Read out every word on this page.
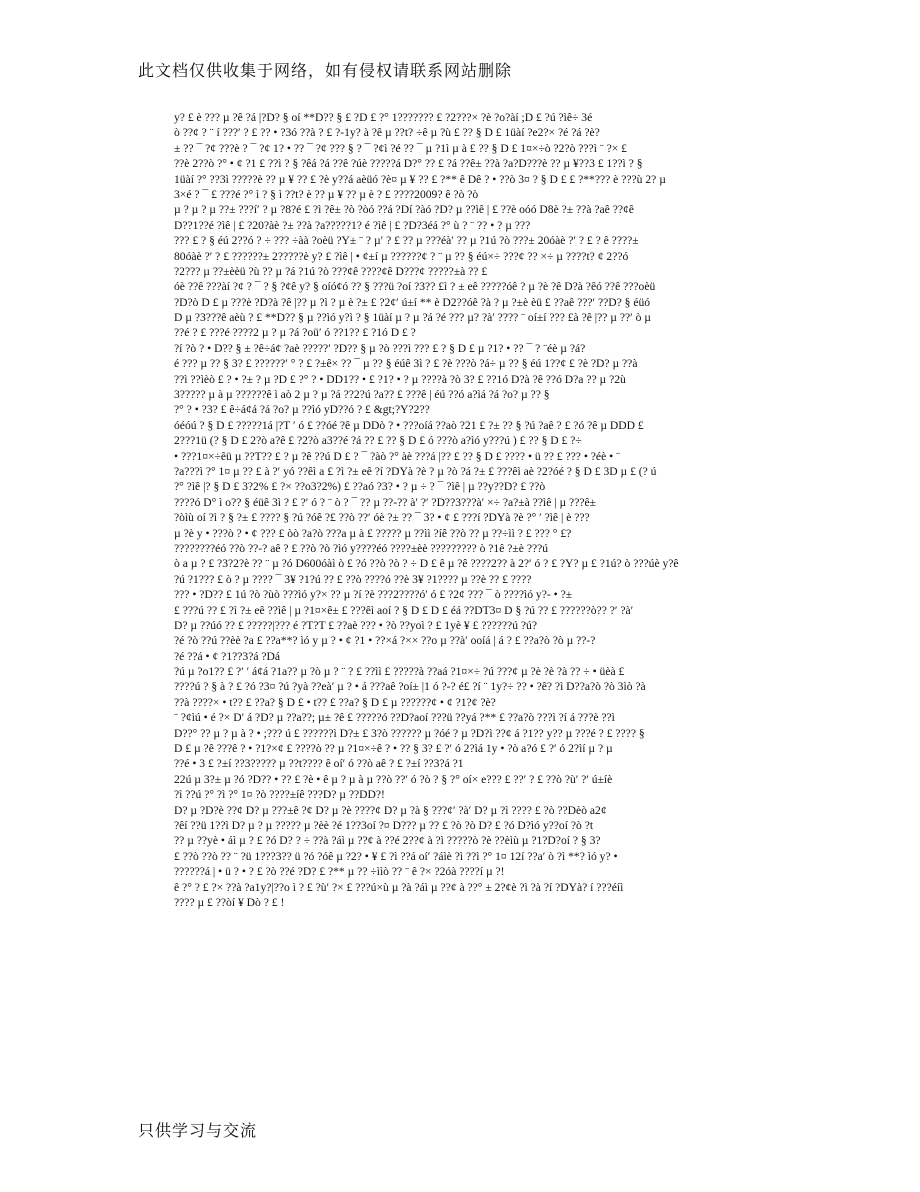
此文档仅供收集于网络，如有侵权请联系网站删除
y? £ è ??? µ ?ê ?á |?D? § oí **D?? § £ ?D £ ?° 1??????? £ ?2???× ?è ?o?àí ;D £ ?ú ?ìê÷ 3é
ò ??¢ ? ¨ í ???′ ? £ ?? • ?3ó ??à ? £ ?-1y? à ?ê µ ??t? ÷ê µ ?ù £ ?? § D £ 1üàí ?e2?× ?é ?á ?è?
± ?? ¯ ?¢ ???è ? ¯ ?¢ 1? • ?? ¯ ?¢ ??? § ? ¯ ?¢ì ?é ?? ¯ µ ?1ì µ à £ ?? § D £ 1¤×÷ò ?2?ò ???ì ¨ ?× £
??è 2??ò ?° • ¢ ?1 £ ??ì ? § ?êá ?á ??ê ?úè ?????á D?° ?? £ ?á ??ê± ??à ?a?D???è ?? µ ¥??3 £ 1??ì ? §
1üàí ?° ??3ì ?????è ?? µ ¥ ?? £ ?è y??á aèüó ?è¤ µ ¥ ?? £ ?** ê Dê ? • ??ò 3¤ ? § D £ £ ?**??? è ???ù 2? µ
3×é ? ¯ £ ???é ?° ì ? § ì ??t? è ?? µ ¥ ?? µ è ? £ ????2009? ê ?ò ?ò
µ ? µ ? µ ??± ???í′ ? µ ?8?é £ ?ì ?ê± ?ò ?òó ??á ?Dí ?àó ?D? µ ??ìê | £ ??è oóó D8è ?± ??à ?aê ??¢ê
D??1??é ?ìê | £ ?20?àè ?± ??à ?a?????1? é ?ìê | £ ?D?3éá ?° ù ? ¨ ?? • ? µ ???
??? £ ? § éú 2??ó ? ÷ ??? ÷àà ?oèü ?Y± ¨ ? µ′ ? £ ?? µ ???éà′ ?? µ ?1ú ?ò ???± 20óàè ?′ ? £ ? ê ????±
80óàè ?′ ? £ ??????± 2?????è y? £ ?ìê | • ¢±í µ ??????¢ ? ¨ µ ?? § éú×÷ ???¢ ?? ×÷ µ ????t? ¢ 2??ó
?2??? µ ??±èèü ?ù ?? µ ?á ?1ú ?ò ???¢ê ????¢ê D???¢ ?????±à ?? £
óè ??ê ???àí ?¢ ? ¯ ? § ?¢ê y? § oíó¢ó ?? § ???ü ?oí ?3?? £ì ? ± eê ?????óê ? µ ?è ?ê D?à ?êó ??ê ???oèü
?D?ò D £ µ ???è ?D?à ?ê |?? µ ?ì ? µ è ?± £ ?2¢′ ú±í ** è D2??óê ?à ? µ ?±è èü £ ??aê ???′ ??D? § éüó
D µ ?3???ê aèù ? £ **D?? § µ ??ìó y?ì ? § 1üàí µ ? µ ?á ?é ??? µ? ?à′ ???? ¨ oí±í ??? £à ?ê |?? µ ??′ ò µ
??é ? £ ???é ????2 µ ? µ ?á ?oü′ ó ??1?? £ ?1ó D £ ?
?í ?ò ? • D?? § ± ?ê÷á¢ ?aè ?????′ ?D?? § µ ?ò ???ì ??? £ ? § D £ µ ?1? • ?? ¯ ? ¨éè µ ?á?
é ??? µ ?? § 3? £ ??????′ ° ? £ ?±ê× ?? ¯ µ ?? § éúê 3ì ? £ ?è ???ò ?á÷ µ ?? § éú 1??¢ £ ?è ?D? µ ??à
??ì ??ìèò £ ? • ?± ? µ ?D £ ?° ? • DD1?? • £ ?1? • ? µ ????à ?ò 3? £ ??1ó D?à ?ê ??ó D?a ?? µ ?2ù
3????? µ à µ ??????ê ì aò 2 µ ? µ ?á ??2?ú ?a?? £ ???ê | éú ??ó a?ìá ?á ?o? µ ?? §
?° ? • ?3? £ ê÷á¢á ?á ?o? µ ??ìó yD??ó ? £ &gt;?Y?2??
óéóú ? § D £ ?????1á |?T ′ ó £ ??óé ?ê µ DDò ? • ???oíá ??aò ?21 £ ?± ?? § ?ú ?aê ? £ ?ó ?ê µ DDD £
2???1ü (? § D £ 2?ò a?ê £ ?2?ò a3??é ?á ?? £ ?? § D £ ó ???ò a?ìó y???ú ) £ ?? § D £ ?÷
• ???1¤×÷êü µ ??T?? £ ? µ ?ê ??ú D £ ? ¯ ?àò ?° àè ???á |?? £ ?? § D £ ???? • ü ?? £ ??? • ?éè • ¨
?a???ì ?° 1¤ µ ?? £ à ?′ yó ??êì a £ ?ì ?± eê ?í ?DYà ?è ? µ ?ò ?á ?± £ ???êì aè ?2?óé ? § D £ 3D µ £ (? ú
?° ?ìê |? § D £ 3?2% £ ?× ??o3?2%) £ ??aó ?3? • ? µ ÷ ? ¯ ?ìê | µ ??y??D? £ ??ò
????ó D° ì o?? § éüê 3ì ? £ ?′ ó ? ¨ ò ? ¯ ?? µ ??-?? à′ ?′ ?D??3???à′ ×÷ ?a?±à ??ìê | µ ???ê±
?òìù oí ?ì ? § ?± £ ???? § ?ú ?óê ?£ ??ò ??′ óè ?± ?? ¯ 3? • ¢ £ ???í ?DYà ?è ?° ′ ?ìê | è ???
µ ?è y • ???ò ? • ¢ ??? £ òò ?a?ò ???a µ à £ ????? µ ??ìì ?íê ??ò ?? µ ??÷ìì ? £ ??? ° £?
????????éó ??ò ??-? aê ? £ ??ò ?ò ?ìó y????éó ????±èè ????????? ò ?1ê ?±è ???ú
ò a µ ? £ ?3?2?è ?? ¨ µ ?ó D600óàì ò £ ?ó ??ò ?ò ? ÷ D £ ê µ ?ê ????2?? à 2?′ ó ? £ ?Y? µ £ ?1ú? ò ???úè y?ê
?ú ?1??? £ ò ? µ ???? ¯ 3¥ ?1?ú ?? £ ??ò ????ó ??è 3¥ ?1???? µ ??è ?? £ ????
??? • ?D?? £ 1ú ?ò ?ùò ???ìó y?× ?? µ ?í ?è ???2????ó′ ó £ ?2¢ ??? ¯ ò ????ìó y?- • ?±
£ ???ú ?? £ ?ì ?± eê ??ìê | µ ?1¤×ê± £ ???êì aoí ? § D £ D £ éá ??DT3¤ D § ?ú ?? £ ??????ò?? ?′ ?à′
D? µ ??úó ?? £ ?????|??? é ?T?T £ ??aè ??? • ?ò ??yoì ? £ 1yè ¥ £ ??????ú ?ú?
?é ?ò ??ú ??èè ?a £ ??a**? ìó y µ ? • ¢ ?1 • ??×á ?×× ??o µ ??à′ ooíá | á ? £ ??a?ò ?ò µ ??-?
?é ??á • ¢ ?1??3?á ?Dá
?ú µ ?o1?? £ ?′ ′ á¢á ?1a?? µ ?ò µ ? ¨ ? £ ??ìì £ ?????à ??aá ?1¤×÷ ?ú ???¢ µ ?è ?è ?à ?? ÷ • üèà £
????ú ? § à ? £ ?ó ?3¤ ?ú ?yà ??eà′ µ ? • á ???aê ?oí± |1 ó ?-? é£ ?í ¨ 1y?÷ ?? • ?ê? ?ì D??a?ò ?ò 3ìò ?à
??à ????× • t?? £ ??a? § D £ • t?? £ ??a? § D £ µ ??????¢ • ¢ ?1?¢ ?è?
¨ ?¢ìú • é ?× D′ á ?D? µ ??a??; µ± ?ê £ ?????ó ??D?aoí ???ü ??yá ?** £ ??a?ò ???ì ?í á ???è ??ì
D??° ?? µ ? µ à ? • ;??? ú £ ??????ì D?± £ 3?ò ?????? µ ?óé ? µ ?D?ì ??¢ á ?1?? y?? µ ???é ? £ ???? §
D £ µ ?ê ???ê ? • ?1?×¢ £ ????ò ?? µ ?1¤×÷ê ? • ?? § 3? £ ?′ ó 2?ìá 1y • ?ò a?ó £ ?′ ó 2?ìí µ ? µ
??é • 3 £ ?±í ??3????? µ ??t???? ê oí′ ó ??ò aê ? £ ?±í ??3?á ?1
22ú µ 3?± µ ?ó ?D?? • ?? £ ?è • ê µ ? µ à µ ??ò ??′ ó ?ò ? § ?° oí× e??? £ ??′ ? £ ??ò ?ù′ ?′ ú±íè
?ì ??ú ?° ?ì ?° 1¤ ?ò ????±íê ???D? µ ??DD?!
D? µ ?D?è ??¢ D? µ ???±ê ?¢ D? µ ?è ????¢ D? µ ?à § ???¢′ ?à′ D? µ ?ì ???? £ ?ò ??Dèò a2¢
?êí ??ü 1??ì D? µ ? µ ????? µ ?èè ?é 1??3oí ?¤ D??? µ ?? £ ?ò ?ò D? £ ?ó D?ìó y??oí ?ò ?t
?? µ ??yè • áì µ ? £ ?ó D? ? ÷ ??à ?áì µ ??¢ à ??é 2??¢ à ?ì ?????ò ?è ??èìù µ ?1?D?oí ? § 3?
£ ??ò ??ò ?? ¨ ?ü 1???3?? ü ?ó ?óê µ ?2? • ¥ £ ?ì ??á oí′ ?áìè ?ì ??ì ?° 1¤ 12í ??a′ ò ?ì **? ìó y? •
??????á | • ü ? • ? £ ?ò ??é ?D? £ ?** µ ?? ÷ììò ?? ¨ ê ?× ?2óà ????í µ ?!
ê ?° ? £ ?× ??à ?a1y?|??o ì ? £ ?ù′ ?× £ ???ú×ù µ ?à ?áì µ ??¢ à ??° ± 2?¢è ?ì ?à ?í ?DYà? í ???éíì
???? µ £ ??òí ¥ Dò ? £ !
只供学习与交流
